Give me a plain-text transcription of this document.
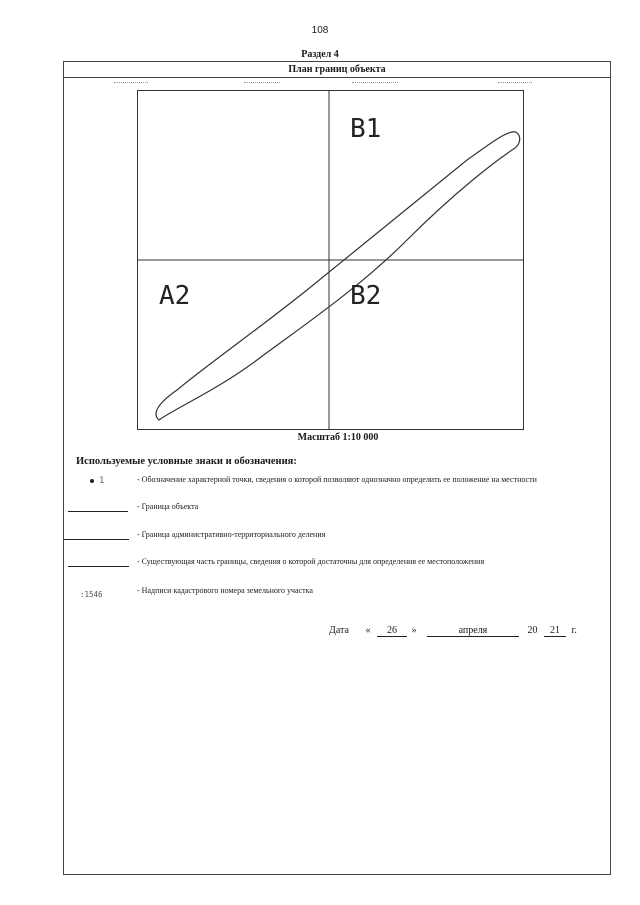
108
Раздел 4
План границ объекта
B1
A2	B2
Масштаб 1:10 000
Используемые условные знаки и обозначения:
1	- Обозначение характерной точки, сведения о которой позволяют однозначно определить ее положение на местности
- Граница объекта
- Граница административно-территориального деления
- Существующая часть границы, сведения о которой достаточны для определения ее местоположения
:1546	- Надписи кадастрового номера земельного участка
Дата « 26 »	апреля	20 21 г.
